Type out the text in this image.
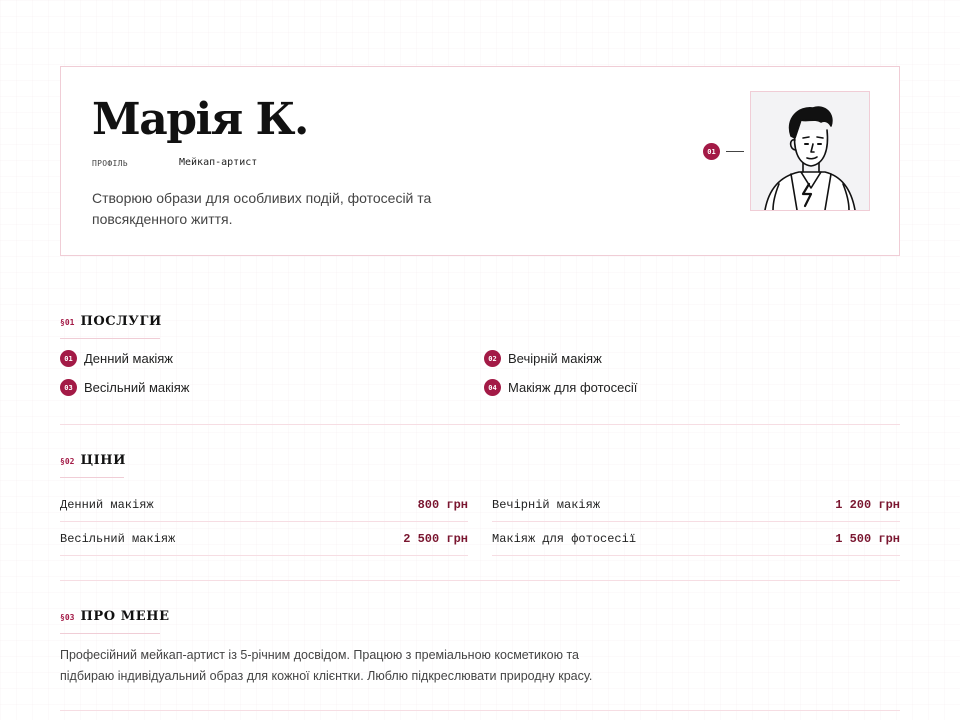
Марія К.
ПРОФІЛЬ	Мейкап-артист
Створюю образи для особливих подій, фотосесій та повсякденного життя.
01
§01 ПОСЛУГИ
01 Денний макіяж	02 Вечірній макіяж
03 Весільний макіяж	04 Макіяж для фотосесії
§02 ЦІНИ
Денний макіяж	800 грн Вечірній макіяж	1 200 грн
Весільний макіяж	2 500 грн Макіяж для фотосесії	1 500 грн
§03 ПРО МЕНЕ
Професійний мейкап-артист із 5-річним досвідом. Працюю з преміальною косметикою та підбираю індивідуальний образ для кожної клієнтки. Люблю підкреслювати природну красу.
